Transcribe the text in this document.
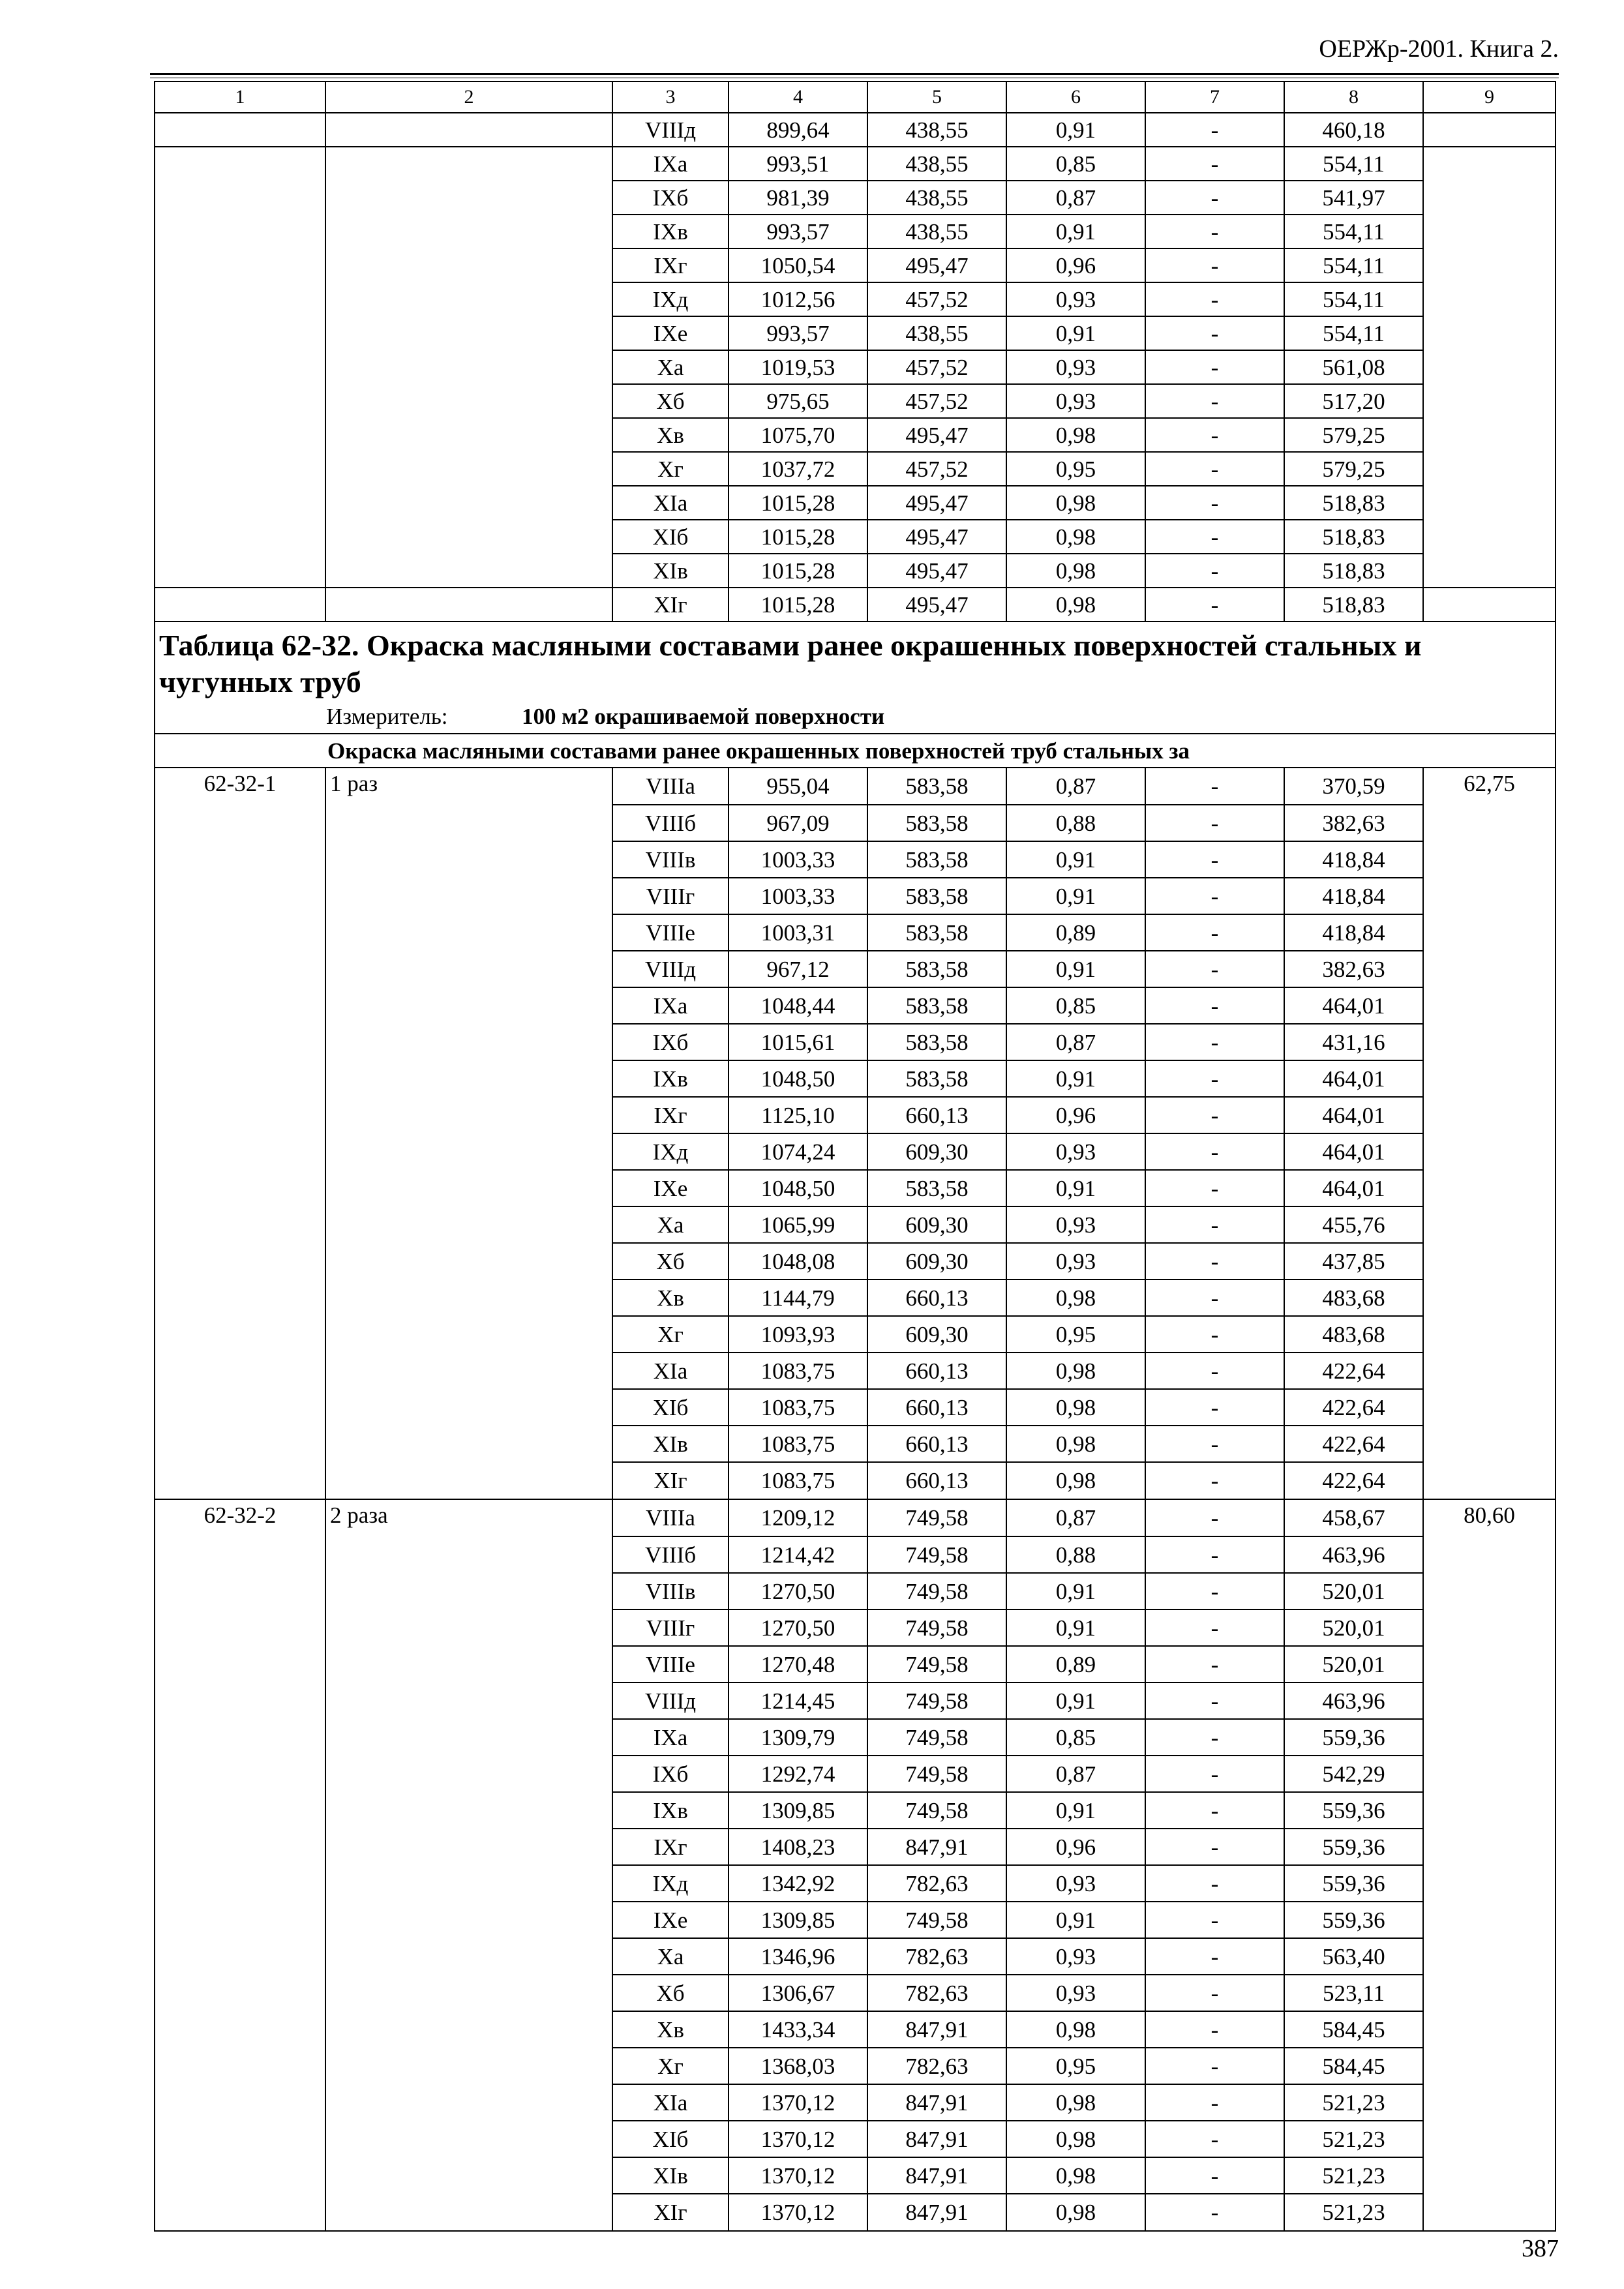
ОЕРЖр-2001. Книга 2.
1	2	3	4	5	6	7	8	9
		VIIIд	899,64	438,55	0,91	-	460,18	
		IXа	993,51	438,55	0,85	-	554,11	
		IXб	981,39	438,55	0,87	-	541,97	
		IXв	993,57	438,55	0,91	-	554,11	
		IXг	1050,54	495,47	0,96	-	554,11	
		IXд	1012,56	457,52	0,93	-	554,11	
		IXе	993,57	438,55	0,91	-	554,11	
		Xа	1019,53	457,52	0,93	-	561,08	
		Xб	975,65	457,52	0,93	-	517,20	
		Xв	1075,70	495,47	0,98	-	579,25	
		Xг	1037,72	457,52	0,95	-	579,25	
		XIа	1015,28	495,47	0,98	-	518,83	
		XIб	1015,28	495,47	0,98	-	518,83	
		XIв	1015,28	495,47	0,98	-	518,83	
		XIг	1015,28	495,47	0,98	-	518,83	

Таблица 62-32. Окраска масляными составами ранее окрашенных поверхностей стальных и чугунных труб
Измеритель: 100 м2 окрашиваемой поверхности								

Окраска масляными составами ранее окрашенных поверхностей труб стальных за								
62-32-1	1 раз	VIIIа	955,04	583,58	0,87	-	370,59	62,75
		VIIIб	967,09	583,58	0,88	-	382,63	
		VIIIв	1003,33	583,58	0,91	-	418,84	
		VIIIг	1003,33	583,58	0,91	-	418,84	
		VIIIе	1003,31	583,58	0,89	-	418,84	
		VIIIд	967,12	583,58	0,91	-	382,63	
		IXа	1048,44	583,58	0,85	-	464,01	
		IXб	1015,61	583,58	0,87	-	431,16	
		IXв	1048,50	583,58	0,91	-	464,01	
		IXг	1125,10	660,13	0,96	-	464,01	
		IXд	1074,24	609,30	0,93	-	464,01	
		IXе	1048,50	583,58	0,91	-	464,01	
		Xа	1065,99	609,30	0,93	-	455,76	
		Xб	1048,08	609,30	0,93	-	437,85	
		Xв	1144,79	660,13	0,98	-	483,68	
		Xг	1093,93	609,30	0,95	-	483,68	
		XIа	1083,75	660,13	0,98	-	422,64	
		XIб	1083,75	660,13	0,98	-	422,64	
		XIв	1083,75	660,13	0,98	-	422,64	
		XIг	1083,75	660,13	0,98	-	422,64	
62-32-2	2 раза	VIIIа	1209,12	749,58	0,87	-	458,67	80,60
		VIIIб	1214,42	749,58	0,88	-	463,96	
		VIIIв	1270,50	749,58	0,91	-	520,01	
		VIIIг	1270,50	749,58	0,91	-	520,01	
		VIIIе	1270,48	749,58	0,89	-	520,01	
		VIIIд	1214,45	749,58	0,91	-	463,96	
		IXа	1309,79	749,58	0,85	-	559,36	
		IXб	1292,74	749,58	0,87	-	542,29	
		IXв	1309,85	749,58	0,91	-	559,36	
		IXг	1408,23	847,91	0,96	-	559,36	
		IXд	1342,92	782,63	0,93	-	559,36	
		IXе	1309,85	749,58	0,91	-	559,36	
		Xа	1346,96	782,63	0,93	-	563,40	
		Xб	1306,67	782,63	0,93	-	523,11	
		Xв	1433,34	847,91	0,98	-	584,45	
		Xг	1368,03	782,63	0,95	-	584,45	
		XIа	1370,12	847,91	0,98	-	521,23	
		XIб	1370,12	847,91	0,98	-	521,23	
		XIв	1370,12	847,91	0,98	-	521,23	
		XIг	1370,12	847,91	0,98	-	521,23	
387
